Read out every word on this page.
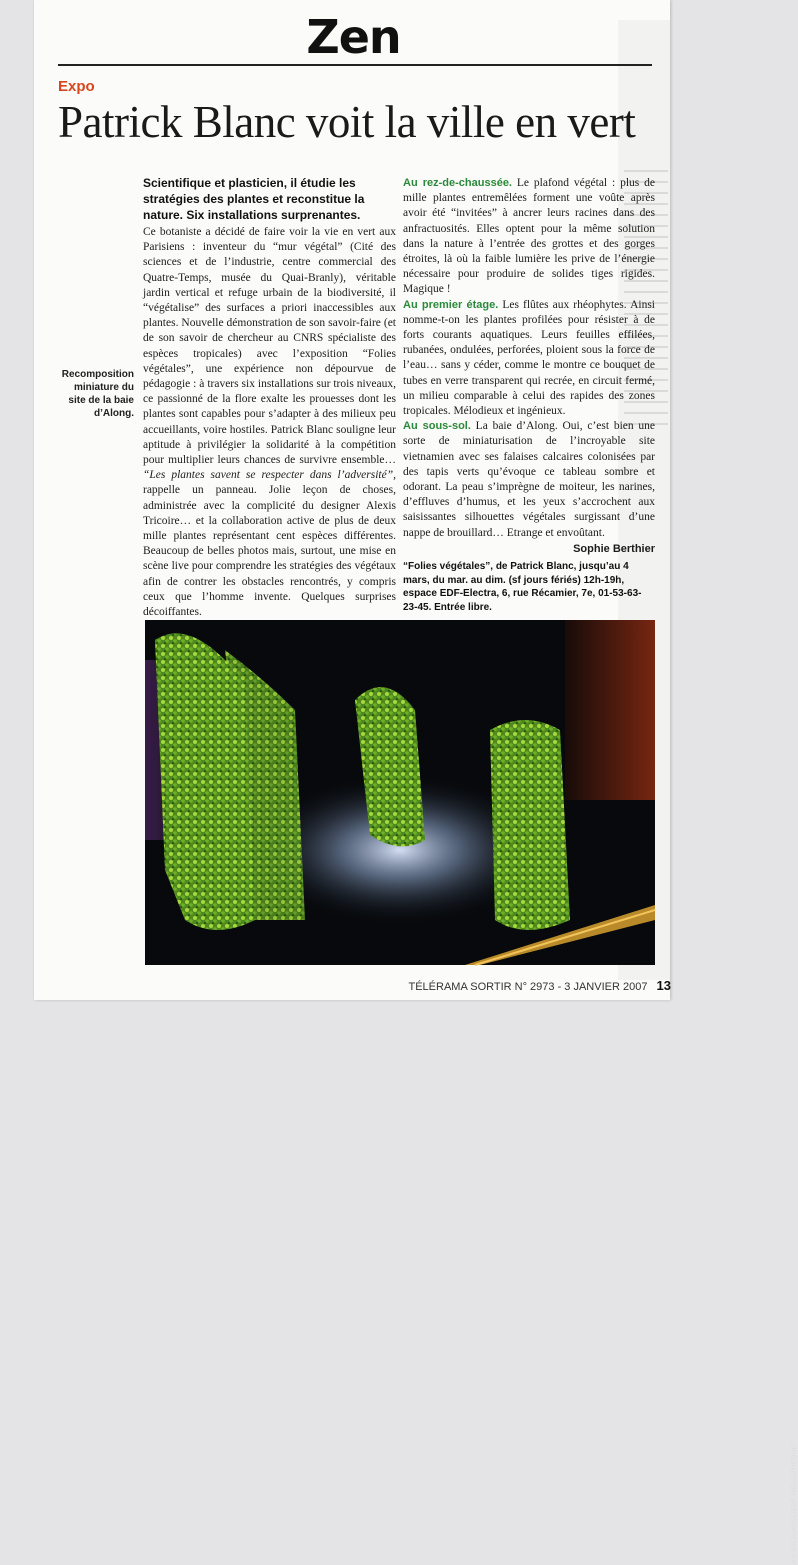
Zen
Expo
Patrick Blanc voit la ville en vert
Scientifique et plasticien, il étudie les stratégies des plantes et reconstitue la nature. Six installations surprenantes.
Recomposition miniature du site de la baie d’Along.

Ce botaniste a décidé de faire voir la vie en vert aux Parisiens : inventeur du “mur végétal” (Cité des sciences et de l’industrie, centre commercial des Quatre-Temps, musée du Quai-Branly), véritable jardin vertical et refuge urbain de la biodiversité, il “végétalise” des surfaces a priori inaccessibles aux plantes. Nouvelle démonstration de son savoir-faire (et de son savoir de chercheur au CNRS spécialiste des espèces tropicales) avec l’exposition “Folies végétales”, une expérience non dépourvue de pédagogie : à travers six installations sur trois niveaux, ce passionné de la flore exalte les prouesses dont les plantes sont capables pour s’adapter à des milieux peu accueillants, voire hostiles. Patrick Blanc souligne leur aptitude à privilégier la solidarité à la compétition pour multiplier leurs chances de survivre ensemble… “Les plantes savent se respecter dans l’adversité”, rappelle un panneau. Jolie leçon de choses, administrée avec la complicité du designer Alexis Tricoire… et la collaboration active de plus de deux mille plantes représentant cent espèces différentes. Beaucoup de belles photos mais, surtout, une mise en scène live pour comprendre les stratégies des végétaux afin de contrer les obstacles rencontrés, y compris ceux que l’homme invente. Quelques surprises décoiffantes.

Au rez-de-chaussée. Le plafond végétal : plus de mille plantes entremêlées forment une voûte après avoir été “invitées” à ancrer leurs racines dans des anfractuosités. Elles optent pour la même solution dans la nature à l’entrée des grottes et des gorges étroites, là où la faible lumière les prive de l’énergie nécessaire pour produire de solides tiges rigides. Magique !

Au premier étage. Les flûtes aux rhéophytes. Ainsi nomme-t-on les plantes profilées pour résister à de forts courants aquatiques. Leurs feuilles effilées, rubanées, ondulées, perforées, ploient sous la force de l’eau… sans y céder, comme le montre ce bouquet de tubes en verre transparent qui recrée, en circuit fermé, un milieu comparable à celui des rapides des zones tropicales. Mélodieux et ingénieux.

Au sous-sol. La baie d’Along. Oui, c’est bien une sorte de miniaturisation de l’incroyable site vietnamien avec ses falaises calcaires colonisées par des tapis verts qu’évoque ce tableau sombre et odorant. La peau s’imprègne de moiteur, les narines, d’effluves d’humus, et les yeux s’accrochent aux saisissantes silhouettes végétales surgissant d’une nappe de brouillard… Etrange et envoûtant.

Sophie Berthier
“Folies végétales”, de Patrick Blanc, jusqu’au 4 mars, du mar. au dim. (sf jours fériés) 12h-19h, espace EDF-Electra, 6, rue Récamier, 7e, 01-53-63-23-45. Entrée libre.
JULIEN DANIEL/EDF MÉDIATHÈQUE
TÉLÉRAMA SORTIR N° 2973 - 3 JANVIER 2007 13
